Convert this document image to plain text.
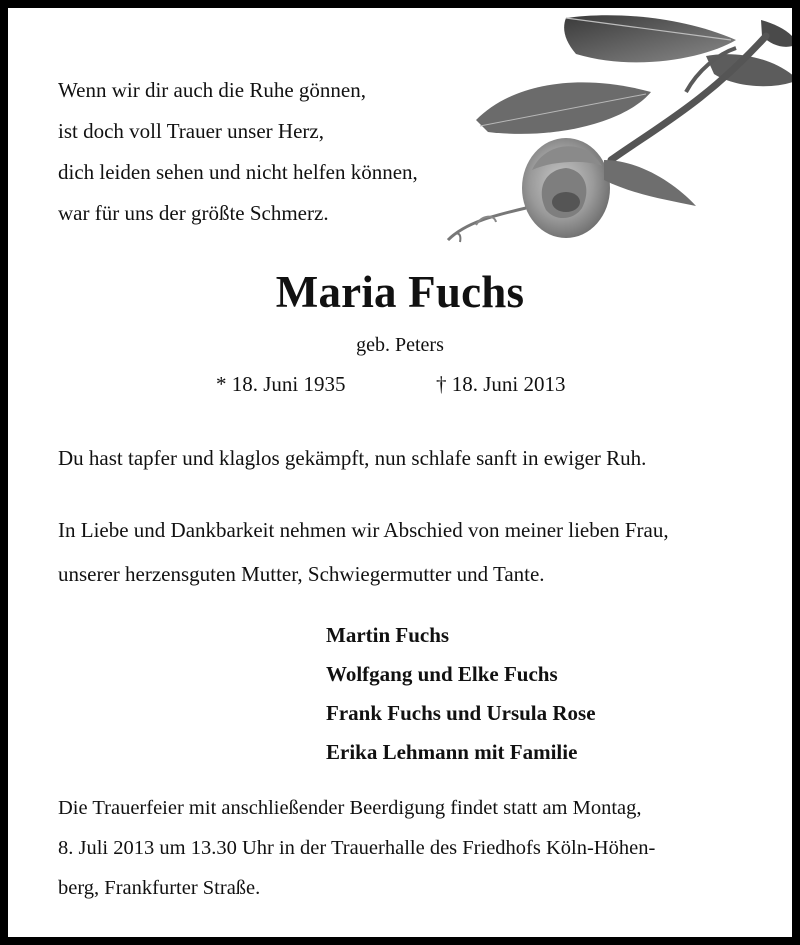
Wenn wir dir auch die Ruhe gönnen,
ist doch voll Trauer unser Herz,
dich leiden sehen und nicht helfen können,
war für uns der größte Schmerz.
Maria Fuchs
geb. Peters
* 18. Juni 1935	† 18. Juni 2013
Du hast tapfer und klaglos gekämpft, nun schlafe sanft in ewiger Ruh.
In Liebe und Dankbarkeit nehmen wir Abschied von meiner lieben Frau,
unserer herzensguten Mutter, Schwiegermutter und Tante.
Martin Fuchs
Wolfgang und Elke Fuchs
Frank Fuchs und Ursula Rose
Erika Lehmann mit Familie
Die Trauerfeier mit anschließender Beerdigung findet statt am Montag,
8. Juli 2013 um 13.30 Uhr in der Trauerhalle des Friedhofs Köln-Höhen-
berg, Frankfurter Straße.
